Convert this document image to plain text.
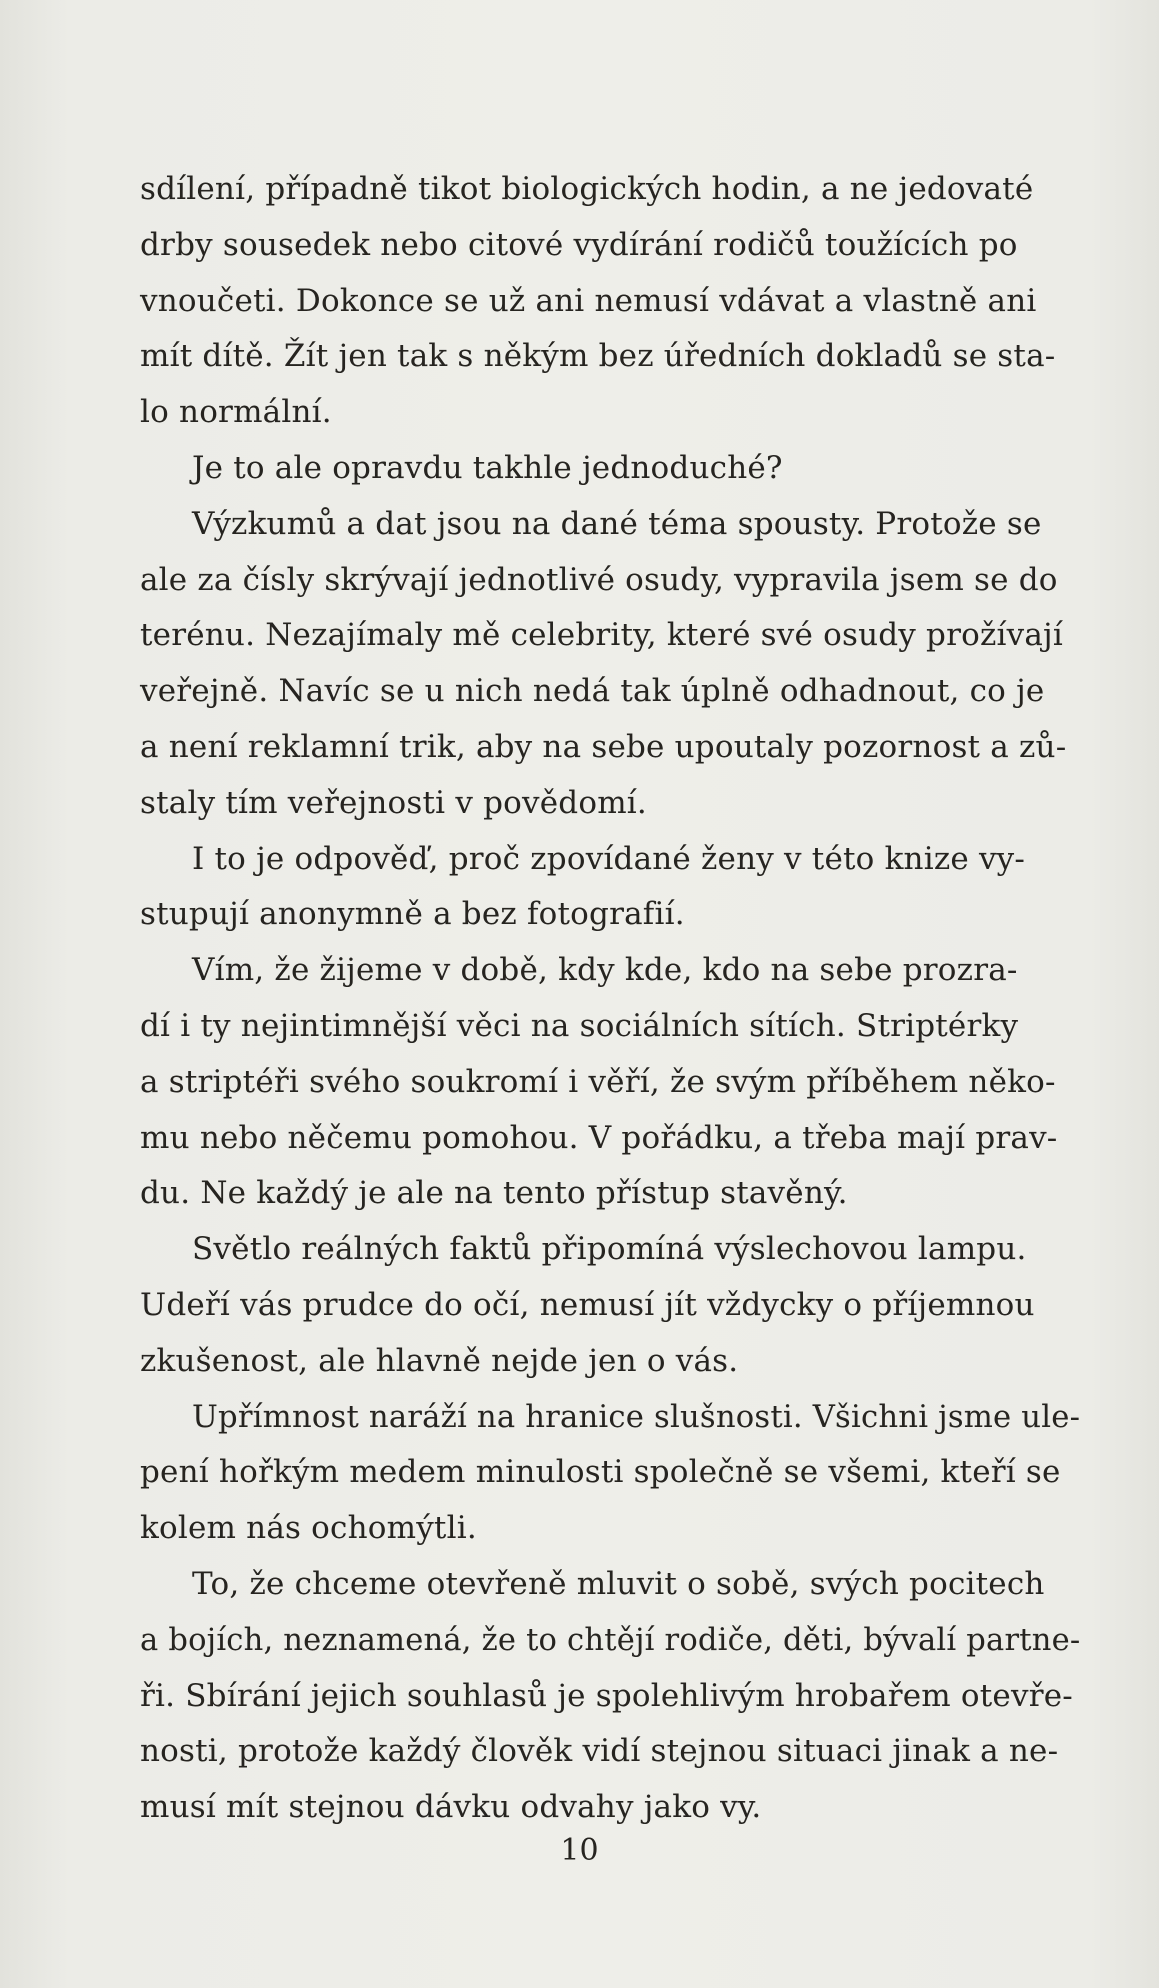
sdílení, případně tikot biologických hodin, a ne jedovaté
drby sousedek nebo citové vydírání rodičů toužících po
vnoučeti. Dokonce se už ani nemusí vdávat a vlastně ani
mít dítě. Žít jen tak s někým bez úředních dokladů se sta-
lo normální.
Je to ale opravdu takhle jednoduché?
Výzkumů a dat jsou na dané téma spousty. Protože se
ale za čísly skrývají jednotlivé osudy, vypravila jsem se do
terénu. Nezajímaly mě celebrity, které své osudy prožívají
veřejně. Navíc se u nich nedá tak úplně odhadnout, co je
a není reklamní trik, aby na sebe upoutaly pozornost a zů-
staly tím veřejnosti v povědomí.
I to je odpověď, proč zpovídané ženy v této knize vy-
stupují anonymně a bez fotografií.
Vím, že žijeme v době, kdy kde, kdo na sebe prozra-
dí i ty nejintimnější věci na sociálních sítích. Striptérky
a striptéři svého soukromí i věří, že svým příběhem něko-
mu nebo něčemu pomohou. V pořádku, a třeba mají prav-
du. Ne každý je ale na tento přístup stavěný.
Světlo reálných faktů připomíná výslechovou lampu.
Udeří vás prudce do očí, nemusí jít vždycky o příjemnou
zkušenost, ale hlavně nejde jen o vás.
Upřímnost naráží na hranice slušnosti. Všichni jsme ule-
pení hořkým medem minulosti společně se všemi, kteří se
kolem nás ochomýtli.
To, že chceme otevřeně mluvit o sobě, svých pocitech
a bojích, neznamená, že to chtějí rodiče, děti, bývalí partne-
ři. Sbírání jejich souhlasů je spolehlivým hrobařem otevře-
nosti, protože každý člověk vidí stejnou situaci jinak a ne-
musí mít stejnou dávku odvahy jako vy.
10
